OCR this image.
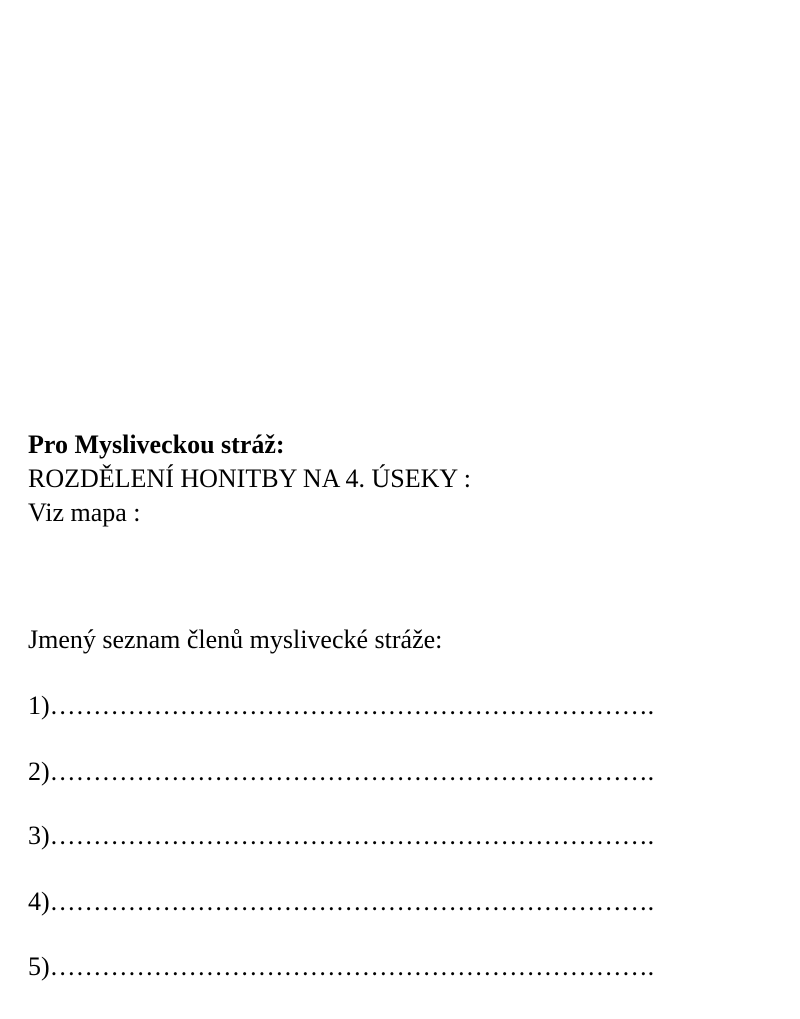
Pro Mysliveckou stráž:
ROZDĚLENÍ HONITBY NA 4. ÚSEKY :
Viz mapa :
Jmený seznam členů myslivecké stráže:
1)…………………………………………………………….
2)…………………………………………………………….
3)…………………………………………………………….
4)…………………………………………………………….
5)…………………………………………………………….
